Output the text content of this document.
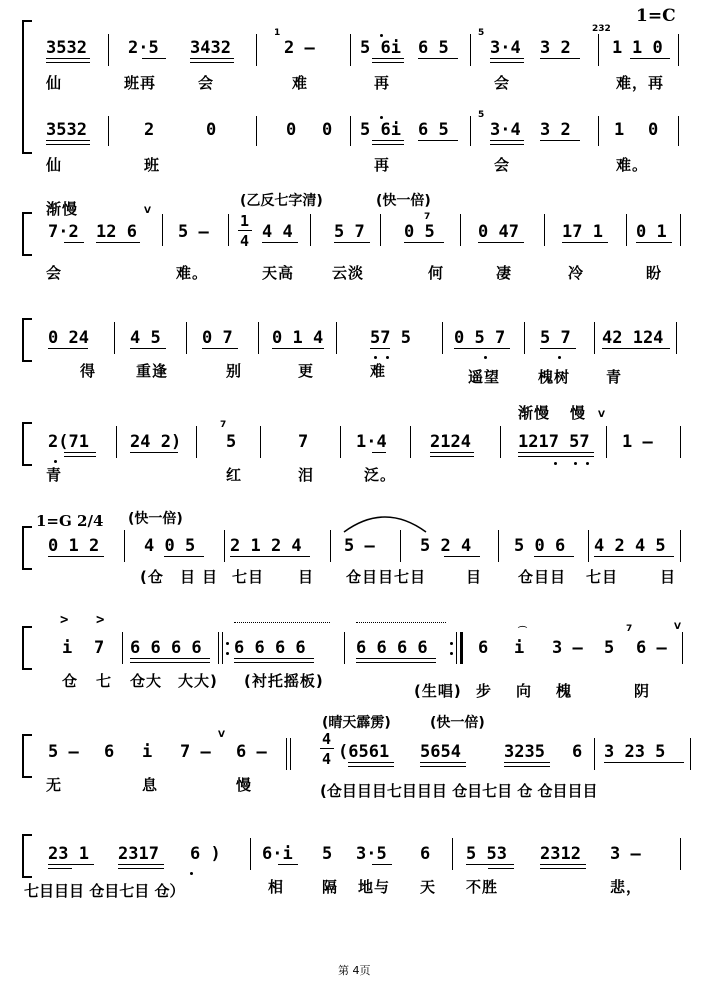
1=C
3532 2·5 3432	2 –	5 6i 6 5 3·4 3 2	1 0
1
1	5	232
仙	班再	会	难	再	会	难，再
3532	2	0	0 0 5 6i 6 5 3·4 3 2	1 0
5
仙	班	再	会	难。
渐慢	(乙反七字清)	(快一倍)
1
4
7·2 12 6 5 –	4 4 5 7 0 5	0 47	17 1 0 1
V
7
会	难。	天高	云淡	何	凄	冷	盼
0 24 4 5 0 7 0 1 4	57 5	0 5 7 5 7 42 124
得	重逢	别	更	难	遥望	槐树 青
渐慢 慢
2(71 24 2)	5	7	1·4	2124	1217 57 1 –
7
V
青	红	泪	泛。
1=G 2/4 (快一倍)
0 1 2	4 0 5 2 1 2 4 5 –	5 2 4	5 0 6 4 2 4 5
(仓 目 目 七目 目 仓目目七目	目 仓目目 七目	目
> >
i 7 6 6 6 6 6 6 6 6	6 6 6 6	6 i 3 – 5 6 –
⌒	7	V
仓 七 仓大 大大) (衬托摇板)
(生唱) 步 向 槐	阴
(晴天霹雳)	(快一倍)
4
4
5 – 6 i 7 – 6 –	(6561 5654	3235 6 3 23 5
V
无	息	慢	(仓目目目七目目目 仓目七目 仓 仓目目目
23 1 2317 6 ) 6·i 5 3·5 6 5 53 2312 3 –
七目目目 仓目七目 仓）	相	隔 地与 天 不胜	悲，
第 4页
